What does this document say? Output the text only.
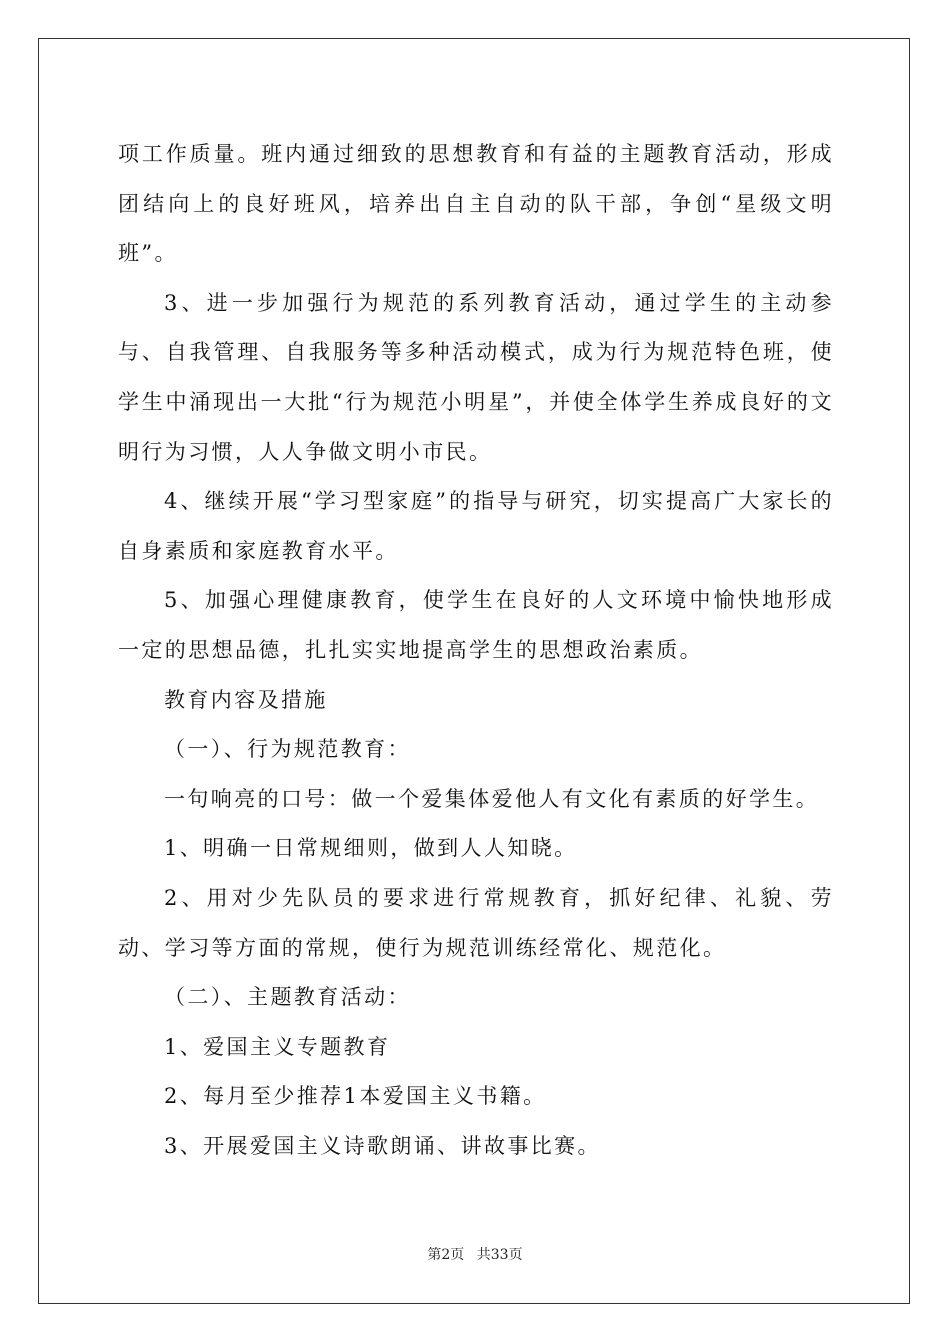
项工作质量。班内通过细致的思想教育和有益的主题教育活动，形成团结向上的良好班风，培养出自主自动的队干部，争创“星级文明班”。

3、进一步加强行为规范的系列教育活动，通过学生的主动参与、自我管理、自我服务等多种活动模式，成为行为规范特色班，使学生中涌现出一大批“行为规范小明星”，并使全体学生养成良好的文明行为习惯，人人争做文明小市民。

4、继续开展“学习型家庭”的指导与研究，切实提高广大家长的自身素质和家庭教育水平。

5、加强心理健康教育，使学生在良好的人文环境中愉快地形成一定的思想品德，扎扎实实地提高学生的思想政治素质。

教育内容及措施

（一）、行为规范教育：

一句响亮的口号：做一个爱集体爱他人有文化有素质的好学生。

1、明确一日常规细则，做到人人知晓。

2、用对少先队员的要求进行常规教育，抓好纪律、礼貌、劳动、学习等方面的常规，使行为规范训练经常化、规范化。

（二）、主题教育活动：

1、爱国主义专题教育

2、每月至少推荐1本爱国主义书籍。

3、开展爱国主义诗歌朗诵、讲故事比赛。

第2页 共33页
